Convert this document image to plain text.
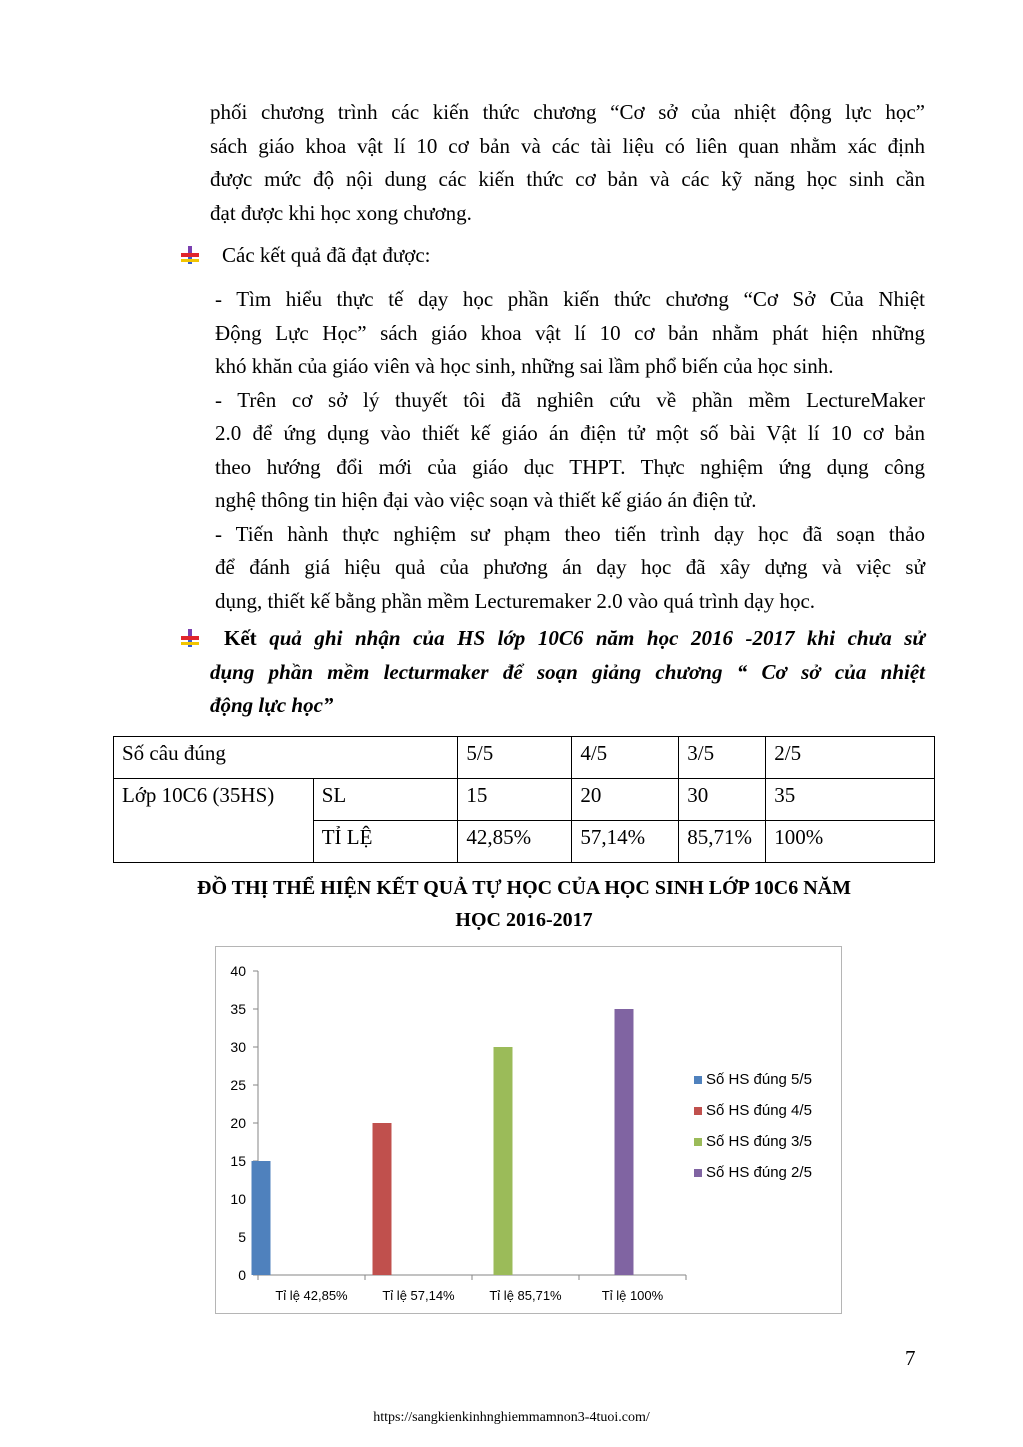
phối chương trình các kiến thức chương “Cơ sở của nhiệt động lực học”
sách giáo khoa vật lí 10 cơ bản và các tài liệu có liên quan nhằm xác định
được mức độ nội dung các kiến thức cơ bản và các kỹ năng học sinh cần
đạt được khi học xong chương.
Các kết quả đã đạt được:
- Tìm hiểu thực tế dạy học phần kiến thức chương “Cơ Sở Của Nhiệt
Động Lực Học” sách giáo khoa vật lí 10 cơ bản nhằm phát hiện những
khó khăn của giáo viên và học sinh, những sai lầm phổ biến của học sinh.
- Trên cơ sở lý thuyết tôi đã nghiên cứu về phần mềm LectureMaker
2.0 để ứng dụng vào thiết kế giáo án điện tử một số bài Vật lí 10 cơ bản
theo hướng đổi mới của giáo dục THPT. Thực nghiệm ứng dụng công
nghệ thông tin hiện đại vào việc soạn và thiết kế giáo án điện tử.
- Tiến hành thực nghiệm sư phạm theo tiến trình dạy học đã soạn thảo
để đánh giá hiệu quả của phương án dạy học đã xây dựng và việc sử
dụng, thiết kế bằng phần mềm Lecturemaker 2.0 vào quá trình dạy học.
Kết quả ghi nhận của HS lớp 10C6 năm học 2016 -2017 khi chưa sử
dụng phần mềm lecturmaker để soạn giảng chương “ Cơ sở của nhiệt
động lực học”
Số câu đúng		5/5	4/5	3/5	2/5
Lớp 10C6 (35HS)	SL	15	20	30	35
	TỈ LỆ	42,85%	57,14%	85,71%	100%
ĐỒ THỊ THỂ HIỆN KẾT QUẢ TỰ HỌC CỦA HỌC SINH LỚP 10C6 NĂM
HỌC 2016-2017
0
5
10
15
20
25
30
35
40
Tỉ lệ 42,85%	Tỉ lệ 57,14%	Tỉ lệ 85,71%	Tỉ lệ 100%
Số HS đúng 5/5
Số HS đúng 4/5
Số HS đúng 3/5
Số HS đúng 2/5
7
https://sangkienkinhnghiemmamnon3-4tuoi.com/
